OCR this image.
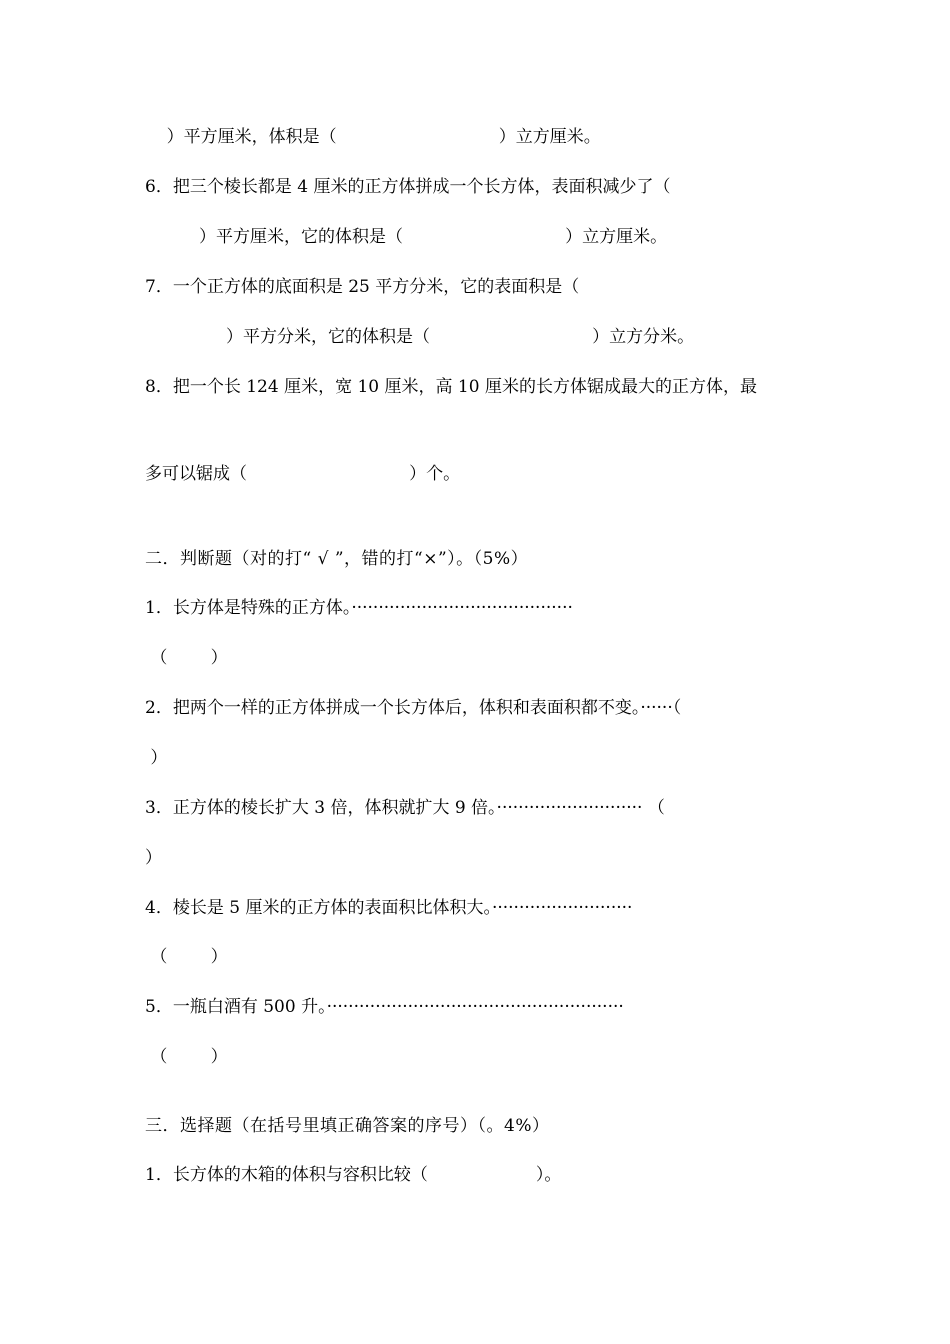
）平方厘米，体积是（                              ）立方厘米。
6．把三个棱长都是 4 厘米的正方体拼成一个长方体，表面积减少了（
）平方厘米，它的体积是（                              ）立方厘米。
7．一个正方体的底面积是 25 平方分米，它的表面积是（
）平方分米，它的体积是（                              ）立方分米。
8．把一个长 124 厘米，宽 10 厘米，高 10 厘米的长方体锯成最大的正方体，最
多可以锯成（                              ）个。
二．判断题（对的打“ √ ”，错的打“×”）。（5%）
1．长方体是特殊的正方体。·········································
（        ）
2．把两个一样的正方体拼成一个长方体后，体积和表面积都不变。······（
）
3．正方体的棱长扩大 3 倍，体积就扩大 9 倍。··························· （
）
4．棱长是 5 厘米的正方体的表面积比体积大。··························
（        ）
5．一瓶白酒有 500 升。·······················································
（        ）
三．选择题（在括号里填正确答案的序号）（。4%）
1．长方体的木箱的体积与容积比较（                    ）。
